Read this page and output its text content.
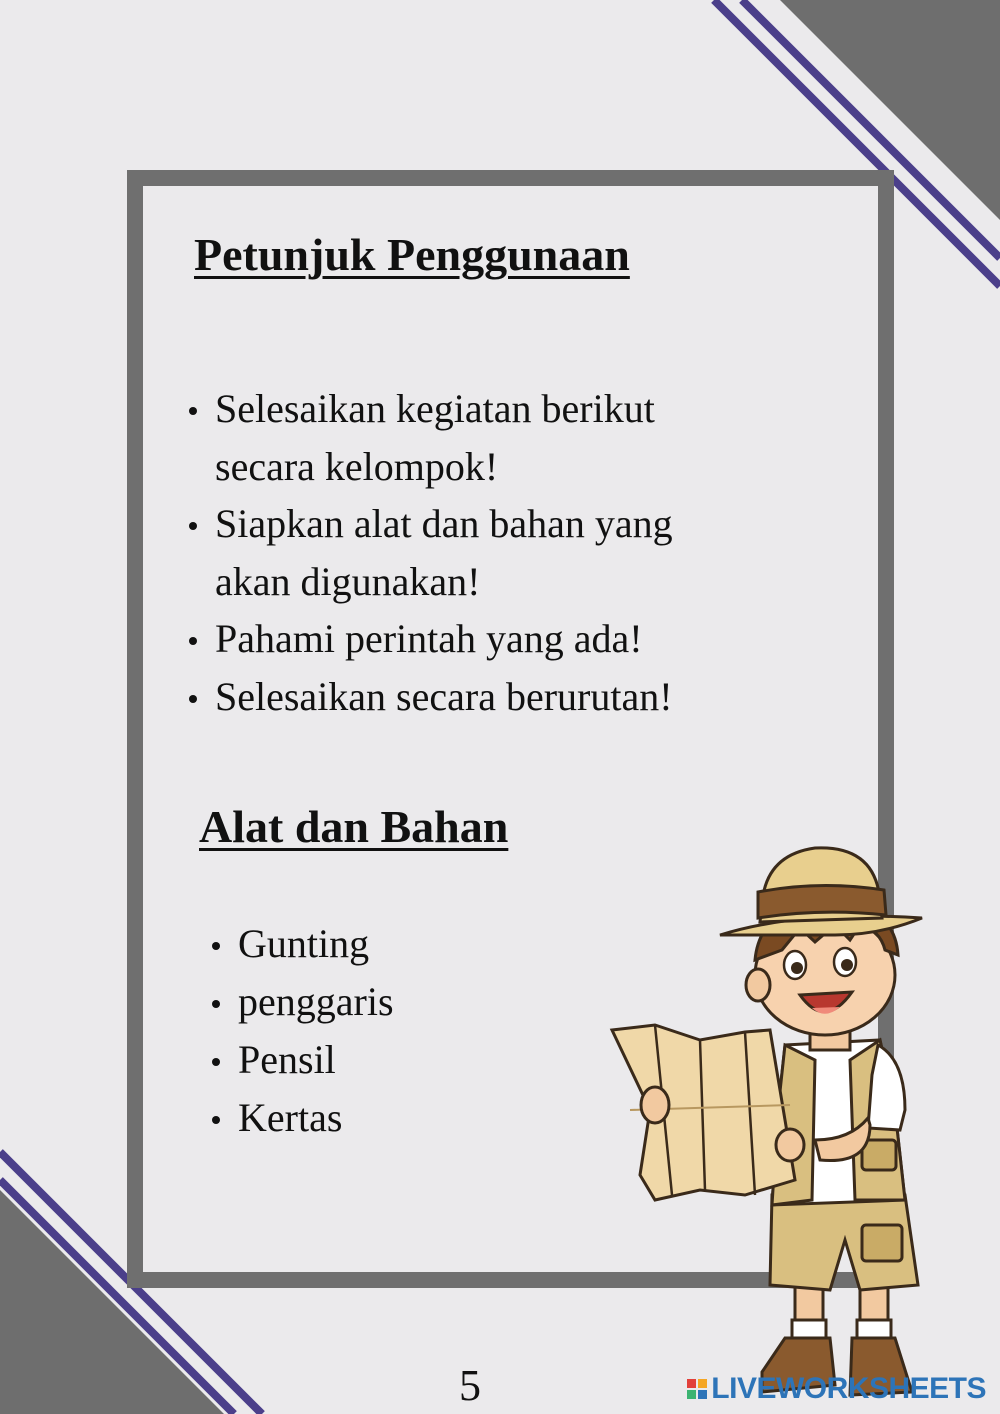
Petunjuk Penggunaan
Selesaikan kegiatan berikut
secara kelompok!
Siapkan alat dan bahan yang
akan digunakan!
Pahami perintah yang ada!
Selesaikan secara berurutan!
Alat dan Bahan
Gunting
penggaris
Pensil
Kertas
5	LIVEWORKSHEETS
